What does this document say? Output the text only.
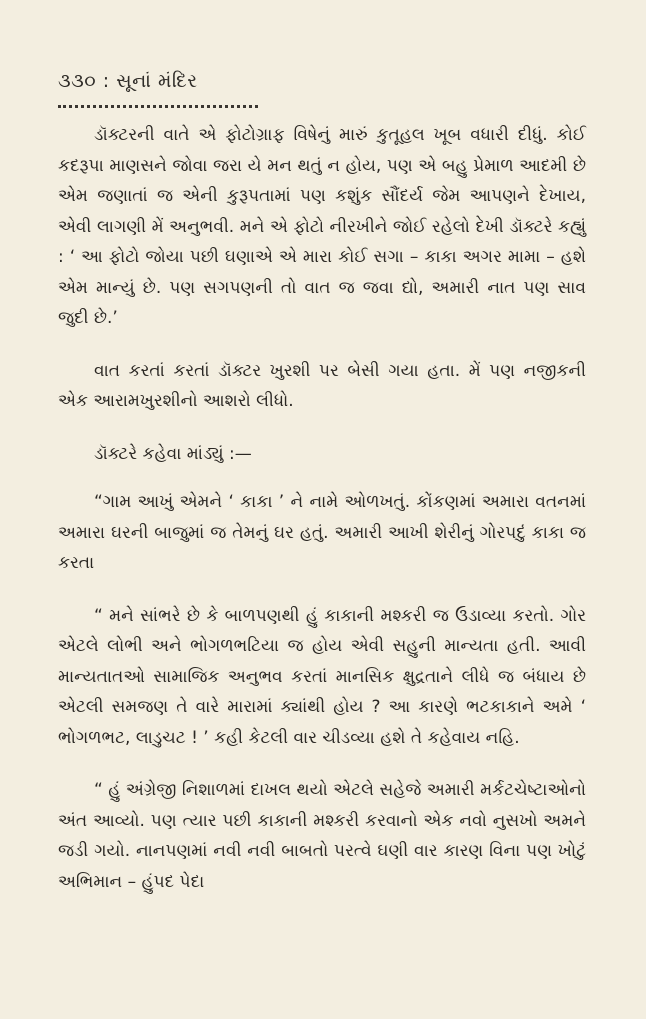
૩૩૦ : સૂનાં મંદિર

ડૉક્ટરની વાતે એ ફોટોગ્રાફ વિષેનું મારું કુતૂહલ ખૂબ વધારી દીધું. કોઈ કદરૂપા માણસને જોવા જરા યે મન થતું ન હોય, પણ એ બહુ પ્રેમાળ આદમી છે એમ જણાતાં જ એની કુરૂપતામાં પણ કશુંક સૌંદર્ય જેમ આપણને દેખાય, એવી લાગણી મેં અનુભવી. મને એ ફોટો નીરખીને જોઈ રહેલો દેખી ડૉક્ટરે કહ્યું : ‘ આ ફોટો જોયા પછી ઘણાએ એ મારા કોઈ સગા – કાકા અગર મામા – હશે એમ માન્યું છે. પણ સગપણની તો વાત જ જવા દ્યો, અમારી નાત પણ સાવ જુદી છે.’

વાત કરતાં કરતાં ડૉક્ટર ખુરશી પર બેસી ગયા હતા. મેં પણ નજીકની એક આરામખુરશીનો આશરો લીધો.

ડૉક્ટરે કહેવા માંડ્યું :—

“ગામ આખું એમને ‘ કાકા ’ ને નામે ઓળખતું. કોંકણમાં અમારા વતનમાં અમારા ઘરની બાજુમાં જ તેમનું ઘર હતું. અમારી આખી શેરીનું ગોરપદું કાકા જ કરતા

“ મને સાંભરે છે કે બાળપણથી હું કાકાની મશ્કરી જ ઉડાવ્યા કરતો. ગોર એટલે લોભી અને ભોગળભટિયા જ હોય એવી સહુની માન્યતા હતી. આવી માન્યતાતઓ સામાજિક અનુભવ કરતાં માનસિક ક્ષુદ્રતાને લીધે જ બંધાય છે એટલી સમજણ તે વારે મારામાં ક્યાંથી હોય ? આ કારણે ભટકાકાને અમે ‘ ભોગળભટ, લાડુચટ ! ’ કહી કેટલી વાર ચીડવ્યા હશે તે કહેવાય નહિ.

“ હું અંગ્રેજી નિશાળમાં દાખલ થયો એટલે સહેજે અમારી મર્કટચેષ્ટાઓનો અંત આવ્યો. પણ ત્યાર પછી કાકાની મશ્કરી કરવાનો એક નવો નુસખો અમને જડી ગયો. નાનપણમાં નવી નવી બાબતો પરત્વે ઘણી વાર કારણ વિના પણ ખોટું અભિમાન – હુંપદ પેદા
